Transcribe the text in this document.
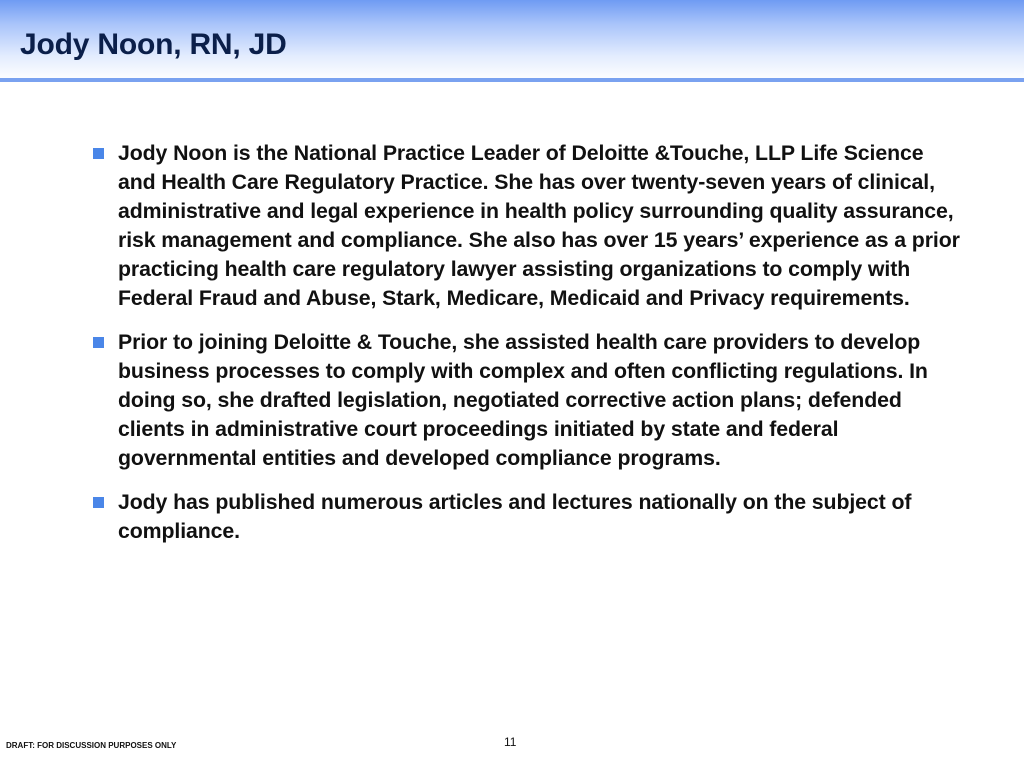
Jody Noon, RN, JD
Jody Noon is the National Practice Leader of Deloitte &Touche, LLP Life Science and Health Care Regulatory Practice. She has over twenty-seven years of clinical, administrative and legal experience in health policy surrounding quality assurance, risk management and compliance. She also has over 15 years’ experience as a prior practicing health care regulatory lawyer assisting organizations to comply with Federal Fraud and Abuse, Stark, Medicare, Medicaid and Privacy requirements.
Prior to joining Deloitte & Touche, she assisted health care providers to develop business processes to comply with complex and often conflicting regulations. In doing so, she drafted legislation, negotiated corrective action plans; defended clients in administrative court proceedings initiated by state and federal governmental entities and developed compliance programs.
Jody has published numerous articles and lectures nationally on the subject of compliance.
DRAFT: FOR DISCUSSION PURPOSES ONLY	11
